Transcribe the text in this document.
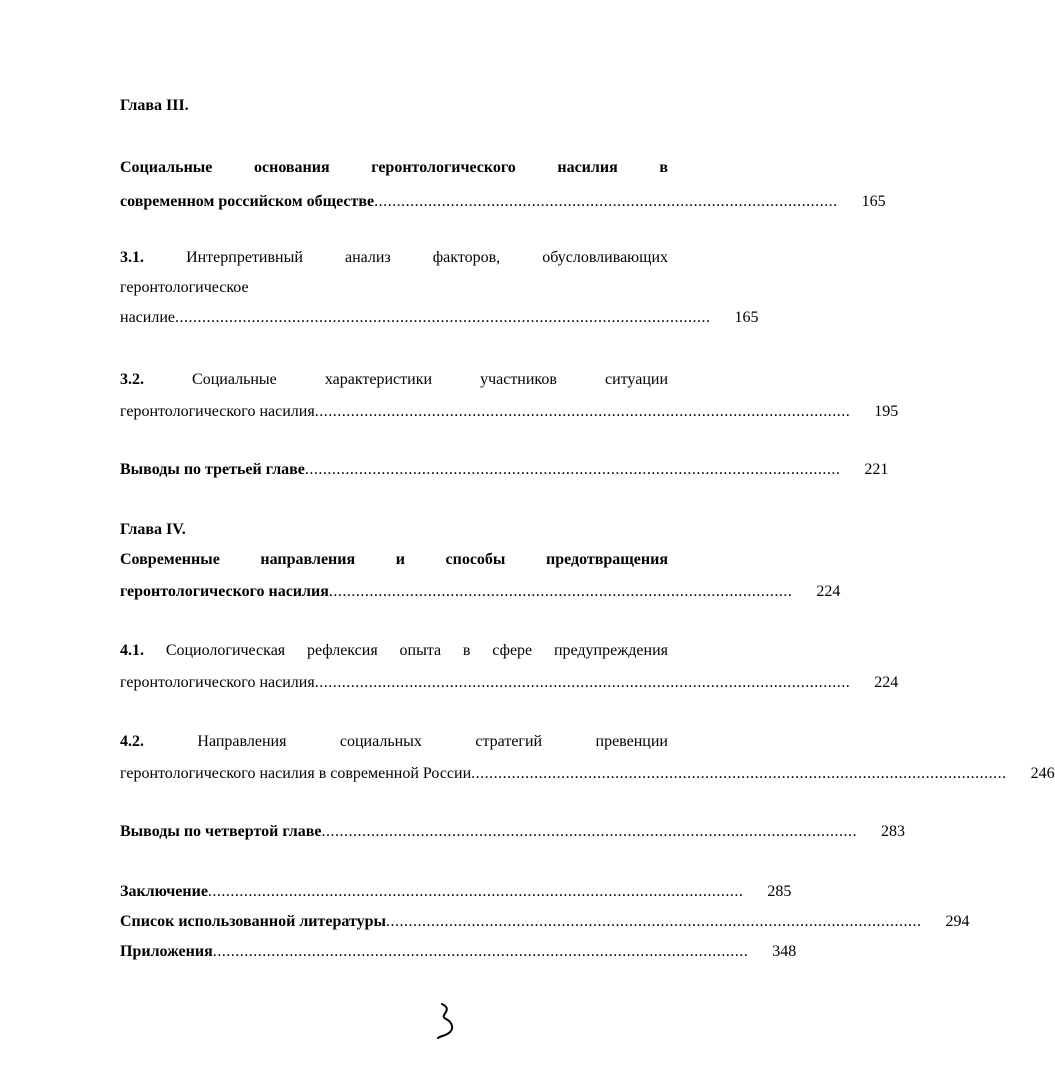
Глава III.
Социальные основания геронтологического насилия в
современном российском обществе .......................................................................................................	165
3.1.	Интерпретивный анализ факторов, обусловливающих
геронтологическое
насилие .......................................................................................................................	165
3.2.	Социальные характеристики участников ситуации
геронтологического насилия .......................................................................................................................	195
Выводы по третьей главе .......................................................................................................................	221
Глава IV.
Современные направления и способы предотвращения
геронтологического насилия .......................................................................................................	224
4.1. Социологическая рефлексия опыта в сфере предупреждения
геронтологического насилия .......................................................................................................................	224
4.2.	Направления социальных стратегий превенции
геронтологического насилия в современной России .......................................................................................................................	246
Выводы по четвертой главе .......................................................................................................................	283
Заключение .......................................................................................................................	285
Список использованной литературы .......................................................................................................................	294
Приложения .......................................................................................................................	348
